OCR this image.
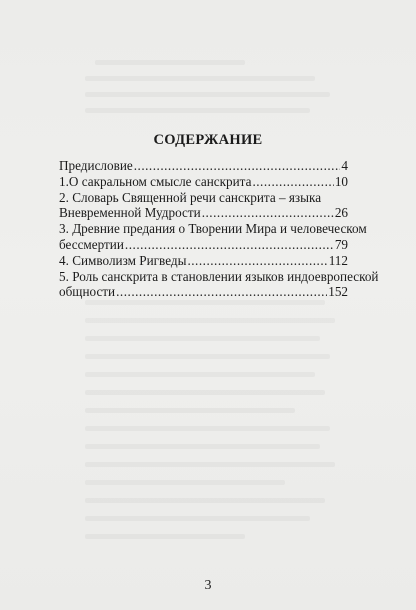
СОДЕРЖАНИЕ
Предисловие .....	4
1.О сакральном смысле санскрита .....	10
2. Словарь Священной речи санскрита – языка
Вневременной Мудрости .....	26
3. Древние предания о Творении Мира и человеческом
бессмертии .....	79
4. Символизм Ригведы .....	112
5. Роль санскрита в становлении языков индоевропеской
общности .....	152
3
